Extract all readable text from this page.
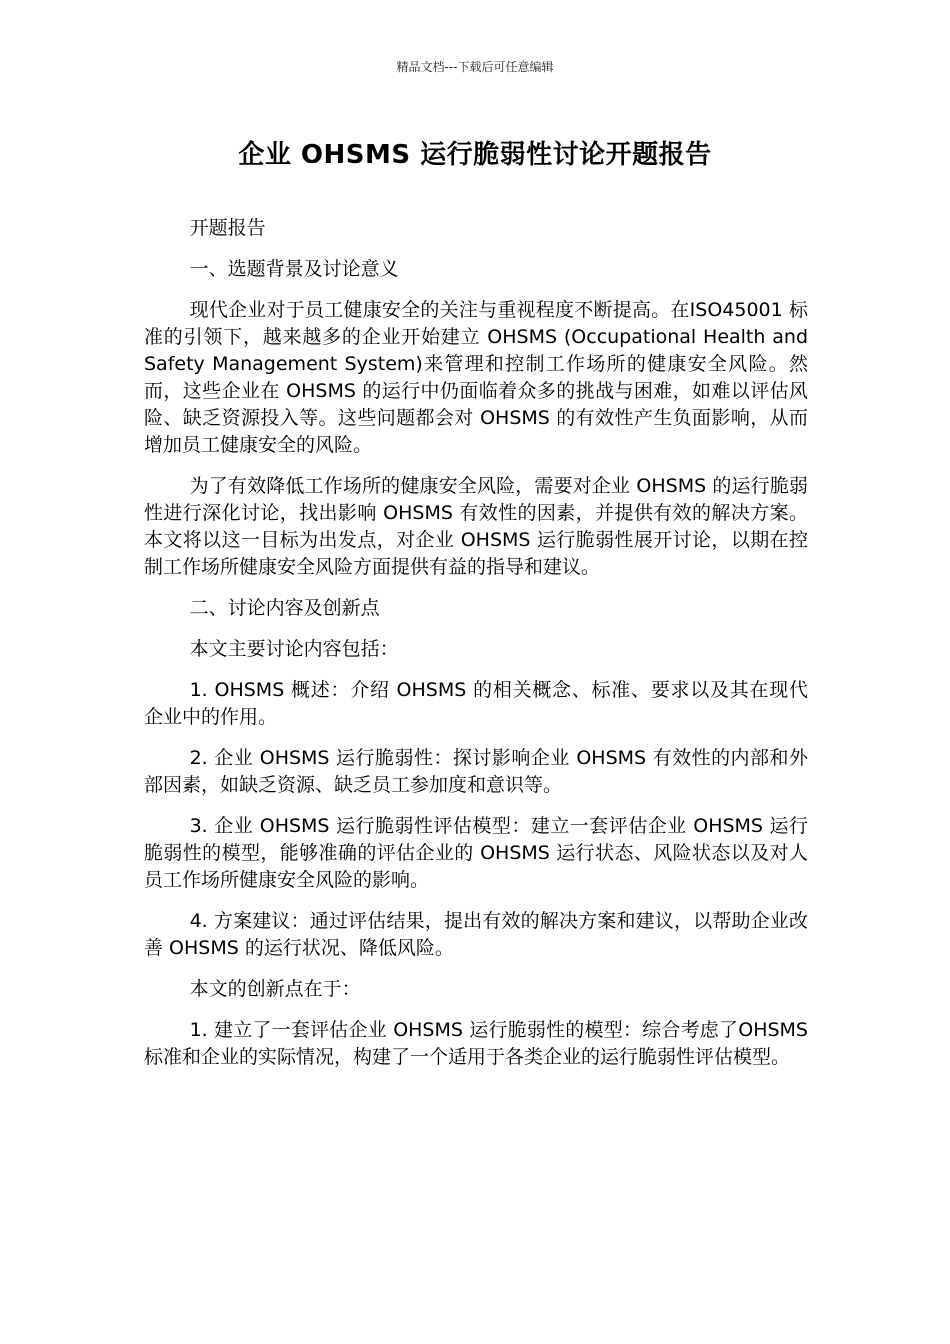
精品文档---下载后可任意编辑
企业 OHSMS 运行脆弱性讨论开题报告

开题报告

一、选题背景及讨论意义

现代企业对于员工健康安全的关注与重视程度不断提高。在ISO45001 标准的引领下，越来越多的企业开始建立 OHSMS (Occupational Health and Safety Management System)来管理和控制工作场所的健康安全风险。然而，这些企业在 OHSMS 的运行中仍面临着众多的挑战与困难，如难以评估风险、缺乏资源投入等。这些问题都会对 OHSMS 的有效性产生负面影响，从而增加员工健康安全的风险。

为了有效降低工作场所的健康安全风险，需要对企业 OHSMS 的运行脆弱性进行深化讨论，找出影响 OHSMS 有效性的因素，并提供有效的解决方案。本文将以这一目标为出发点，对企业 OHSMS 运行脆弱性展开讨论，以期在控制工作场所健康安全风险方面提供有益的指导和建议。

二、讨论内容及创新点

本文主要讨论内容包括：

1. OHSMS 概述：介绍 OHSMS 的相关概念、标准、要求以及其在现代企业中的作用。

2. 企业 OHSMS 运行脆弱性：探讨影响企业 OHSMS 有效性的内部和外部因素，如缺乏资源、缺乏员工参加度和意识等。

3. 企业 OHSMS 运行脆弱性评估模型：建立一套评估企业 OHSMS 运行脆弱性的模型，能够准确的评估企业的 OHSMS 运行状态、风险状态以及对人员工作场所健康安全风险的影响。

4. 方案建议：通过评估结果，提出有效的解决方案和建议，以帮助企业改善 OHSMS 的运行状况、降低风险。

本文的创新点在于：

1. 建立了一套评估企业 OHSMS 运行脆弱性的模型：综合考虑了OHSMS 标准和企业的实际情况，构建了一个适用于各类企业的运行脆弱性评估模型。
